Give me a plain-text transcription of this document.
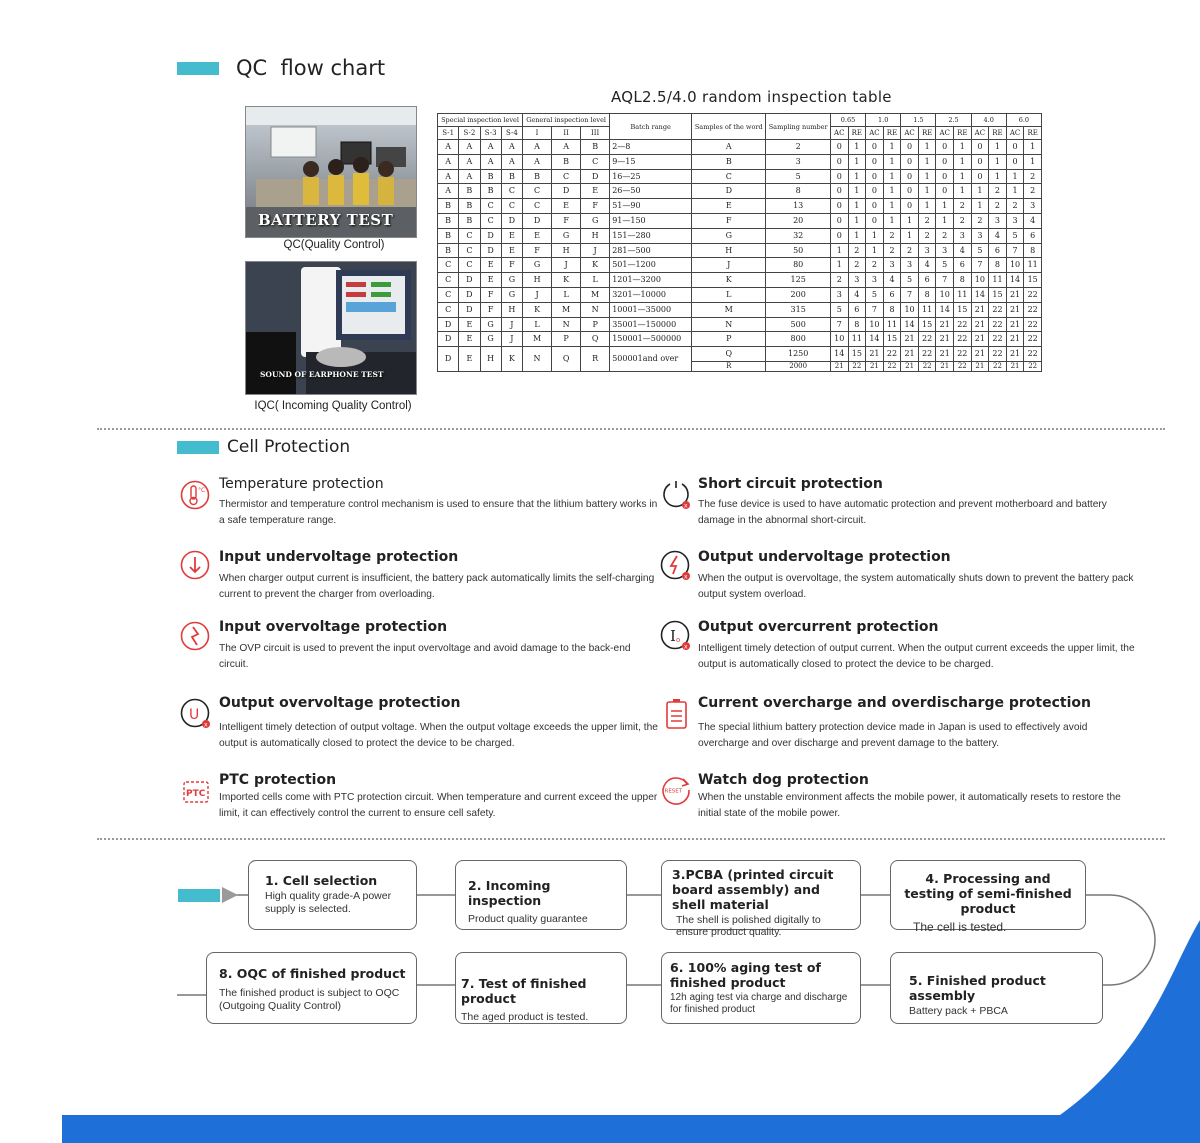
QC  flow chart
BATTERY TEST
QC(Quality Control)
SOUND OF EARPHONE TEST
IQC( Incoming Quality Control)
AQL2.5/4.0 random inspection table
Special inspection level				General inspection level			Batch range	Samples of the word	Sampling number	0.65		1.0		1.5		2.5		4.0		6.0	
S-1	S-2	S-3	S-4	I	II	III				AC	RE	AC	RE	AC	RE	AC	RE	AC	RE	AC	RE
A	A	A	A	A	A	B	2—8	A	2	0	1	0	1	0	1	0	1	0	1	0	1
A	A	A	A	A	B	C	9—15	B	3	0	1	0	1	0	1	0	1	0	1	0	1
A	A	B	B	B	C	D	16—25	C	5	0	1	0	1	0	1	0	1	0	1	1	2
A	B	B	C	C	D	E	26—50	D	8	0	1	0	1	0	1	0	1	1	2	1	2
B	B	C	C	C	E	F	51—90	E	13	0	1	0	1	0	1	1	2	1	2	2	3
B	B	C	D	D	F	G	91—150	F	20	0	1	0	1	1	2	1	2	2	3	3	4
B	C	D	E	E	G	H	151—280	G	32	0	1	1	2	1	2	2	3	3	4	5	6
B	C	D	E	F	H	J	281—500	H	50	1	2	1	2	2	3	3	4	5	6	7	8
C	C	E	F	G	J	K	501—1200	J	80	1	2	2	3	3	4	5	6	7	8	10	11
C	D	E	G	H	K	L	1201—3200	K	125	2	3	3	4	5	6	7	8	10	11	14	15
C	D	F	G	J	L	M	3201—10000	L	200	3	4	5	6	7	8	10	11	14	15	21	22
C	D	F	H	K	M	N	10001—35000	M	315	5	6	7	8	10	11	14	15	21	22	21	22
D	E	G	J	L	N	P	35001—150000	N	500	7	8	10	11	14	15	21	22	21	22	21	22
D	E	G	J	M	P	Q	150001—500000	P	800	10	11	14	15	21	22	21	22	21	22	21	22
D	E	H	K	N	Q	R	500001and over	Q	1250	14	15	21	22	21	22	21	22	21	22	21	22
								R	2000	21	22	21	22	21	22	21	22	21	22	21	22
Cell Protection
°C Temperature protection
Thermistor and temperature control mechanism is used to ensure that the lithium battery works in a safe temperature range.
x
Short circuit protection
The fuse device is used to have automatic protection and prevent motherboard and battery damage in the abnormal short-circuit.
Input undervoltage protection
When charger output current is insufficient, the battery pack automatically limits the self-charging current to prevent the charger from overloading.
x
Output undervoltage protection
When the output is overvoltage, the system automatically shuts down to prevent the battery pack output system overload.
Input overvoltage protection
The OVP circuit is used to prevent the input overvoltage and avoid damage to the back-end circuit.
I o
x
Output overcurrent protection
Intelligent timely detection of output current. When the output current exceeds the upper limit, the output is automatically closed to protect the device to be charged.
U
x
Output overvoltage protection
Intelligent timely detection of output voltage. When the output voltage exceeds the upper limit, the output is automatically closed to protect the device to be charged.
Current overcharge and overdischarge protection
The special lithium battery protection device made in Japan is used to effectively avoid overcharge and over discharge and prevent damage to the battery.
PTC
PTC protection
Imported cells come with PTC protection circuit. When temperature and current exceed the upper limit, it can effectively control the current to ensure cell safety.
RESET
Watch dog protection
When the unstable environment affects the mobile power, it automatically resets to restore the initial state of the mobile power.
1. Cell selection
High quality grade-A power supply is selected.
2. Incoming inspection
Product quality guarantee
3.PCBA (printed circuit board assembly) and shell material
The shell is polished digitally to ensure product quality.
4. Processing and testing of semi-finished product
The cell is tested.
5. Finished product assembly
Battery pack + PBCA
6. 100% aging test of finished product
12h aging test via charge and discharge for finished product
7. Test of finished product
The aged product is tested.
8. OQC of finished product
The finished product is subject to OQC (Outgoing Quality Control)
